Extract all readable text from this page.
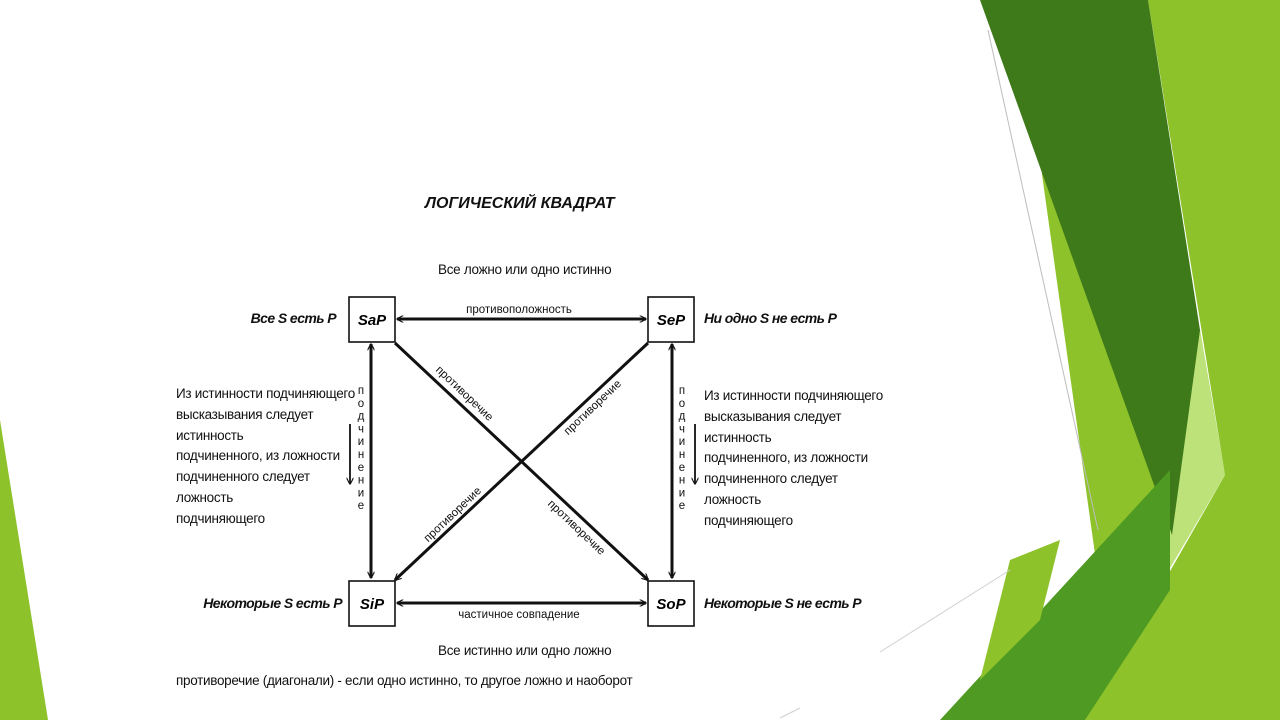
SaP	SeP
SiP	SoP
противоположность
частичное совпадение
противоречие	противоречие
противоречие	противоречие
п о д ч и н е н и е
п о д ч и н е н и е
ЛОГИЧЕСКИЙ КВАДРАТ
Все ложно или одно истинно
Все истинно или одно ложно
Все S есть P	Ни одно S не есть P
Некоторые S есть P	Некоторые S не есть P
Из истинности подчиняющего
высказывания следует
истинность
подчиненного, из ложности
подчиненного следует
ложность
подчиняющего
Из истинности подчиняющего
высказывания следует
истинность
подчиненного, из ложности
подчиненного следует
ложность
подчиняющего
противоречие (диагонали) - если одно истинно, то другое ложно и наоборот
